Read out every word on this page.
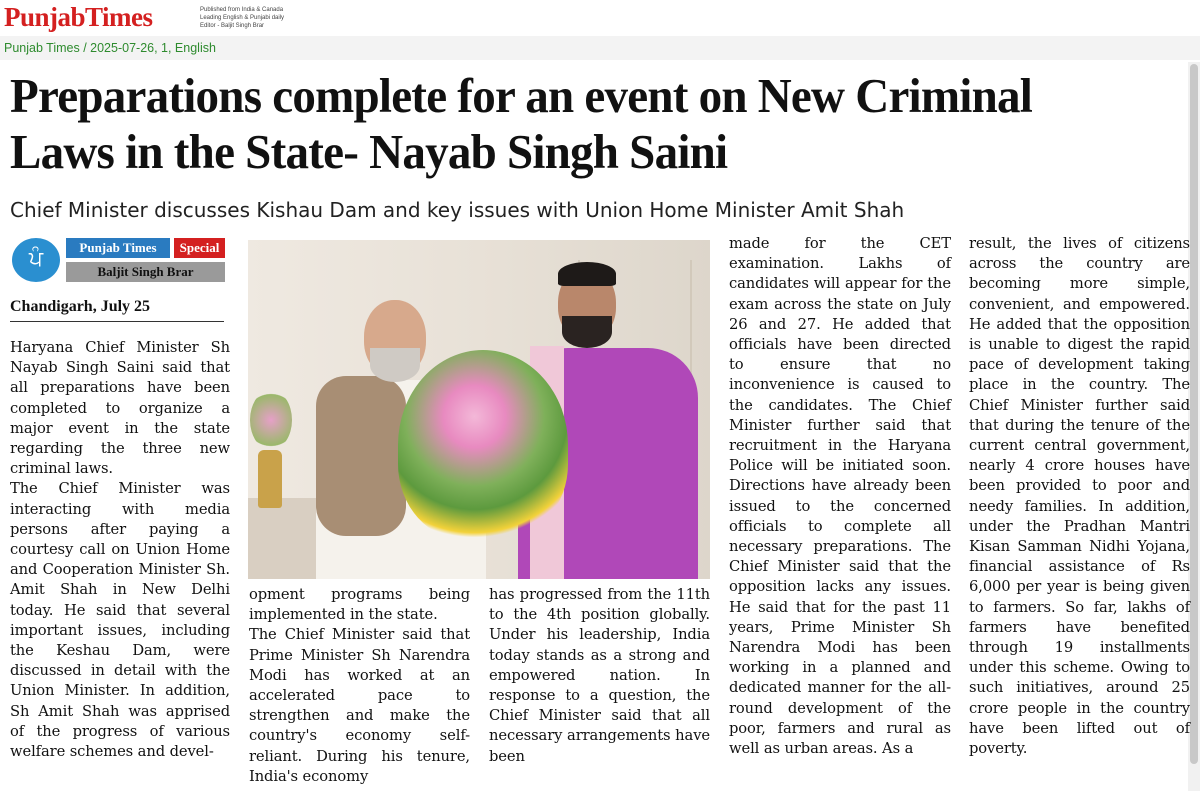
PunjabTimes	Published from India & Canada
Leading English & Punjabi daily
Editor - Baljit Singh Brar
Punjab Times / 2025-07-26, 1, English
Preparations complete for an event on New Criminal Laws in the State- Nayab Singh Saini
Chief Minister discusses Kishau Dam and key issues with Union Home Minister Amit Shah
ਪੰ	Punjab Times	Special
Baljit Singh Brar
Chandigarh, July 25

Haryana Chief Minister Sh Nayab Singh Saini said that all preparations have been completed to organize a major event in the state regarding the three new criminal laws.

The Chief Minister was interacting with media persons after paying a courtesy call on Union Home and Cooperation Minister Sh. Amit Shah in New Delhi today. He said that several important issues, including the Keshau Dam, were discussed in detail with the Union Minister. In addition, Sh Amit Shah was apprised of the progress of various welfare schemes and devel-

opment programs being implemented in the state.

The Chief Minister said that Prime Minister Sh Narendra Modi has worked at an accelerated pace to strengthen and make the country's economy self-reliant. During his tenure, India's economy

has progressed from the 11th to the 4th position globally. Under his leadership, India today stands as a strong and empowered nation. In response to a question, the Chief Minister said that all necessary arrangements have been

made for the CET examination. Lakhs of candidates will appear for the exam across the state on July 26 and 27. He added that officials have been directed to ensure that no inconvenience is caused to the candidates. The Chief Minister further said that recruitment in the Haryana Police will be initiated soon. Directions have already been issued to the concerned officials to complete all necessary preparations. The Chief Minister said that the opposition lacks any issues. He said that for the past 11 years, Prime Minister Sh Narendra Modi has been working in a planned and dedicated manner for the all-round development of the poor, farmers and rural as well as urban areas. As a

result, the lives of citizens across the country are becoming more simple, convenient, and empowered. He added that the opposition is unable to digest the rapid pace of development taking place in the country. The Chief Minister further said that during the tenure of the current central government, nearly 4 crore houses have been provided to poor and needy families. In addition, under the Pradhan Mantri Kisan Samman Nidhi Yojana, financial assistance of Rs 6,000 per year is being given to farmers. So far, lakhs of farmers have benefited through 19 installments under this scheme. Owing to such initiatives, around 25 crore people in the country have been lifted out of poverty.
